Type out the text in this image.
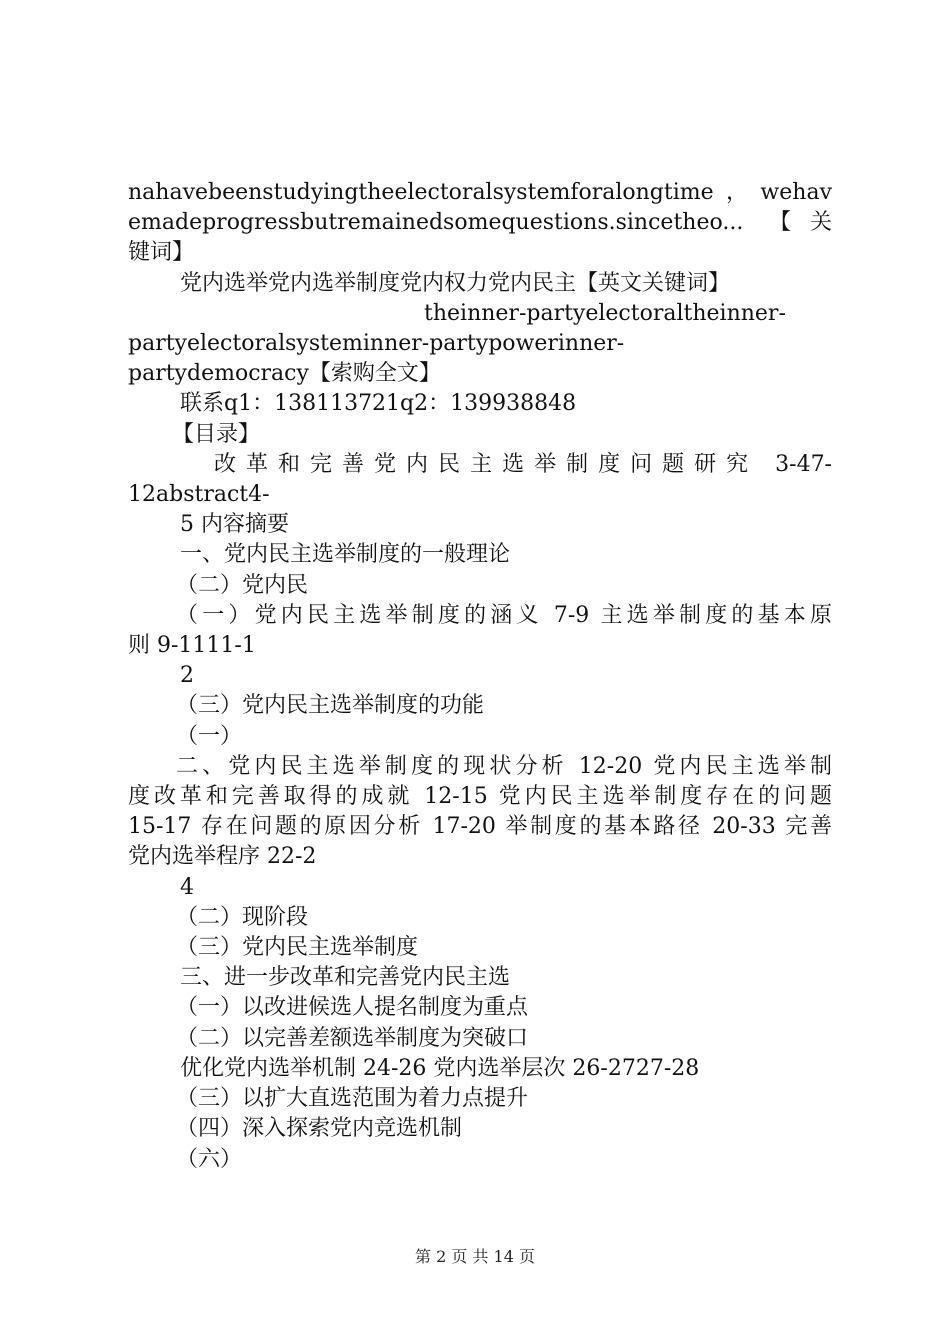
nahavebeenstudyingtheelectoralsystemforalongtime，wehav

emadeprogressbutremainedsomequestions.sincetheo... 【关

键词】

党内选举党内选举制度党内权力党内民主【英文关键词】

theinner-partyelectoraltheinner-

partyelectoralsysteminner-partypowerinner-

partydemocracy【索购全文】

联系q1：138113721q2：139938848

【目录】

改革和完善党内民主选举制度问题研究 3-47-

12abstract4-

5 内容摘要

一、党内民主选举制度的一般理论

（二）党内民

（一）党内民主选举制度的涵义 7-9 主选举制度的基本原

则 9-1111-1

2

（三）党内民主选举制度的功能

（一）

二、党内民主选举制度的现状分析 12-20 党内民主选举制

度改革和完善取得的成就 12-15 党内民主选举制度存在的问题

15-17 存在问题的原因分析 17-20 举制度的基本路径 20-33 完善

党内选举程序 22-2

4

（二）现阶段

（三）党内民主选举制度

三、进一步改革和完善党内民主选

（一）以改进候选人提名制度为重点

（二）以完善差额选举制度为突破口

优化党内选举机制 24-26 党内选举层次 26-2727-28

（三）以扩大直选范围为着力点提升

（四）深入探索党内竞选机制

（六）

第 2 页 共 14 页
